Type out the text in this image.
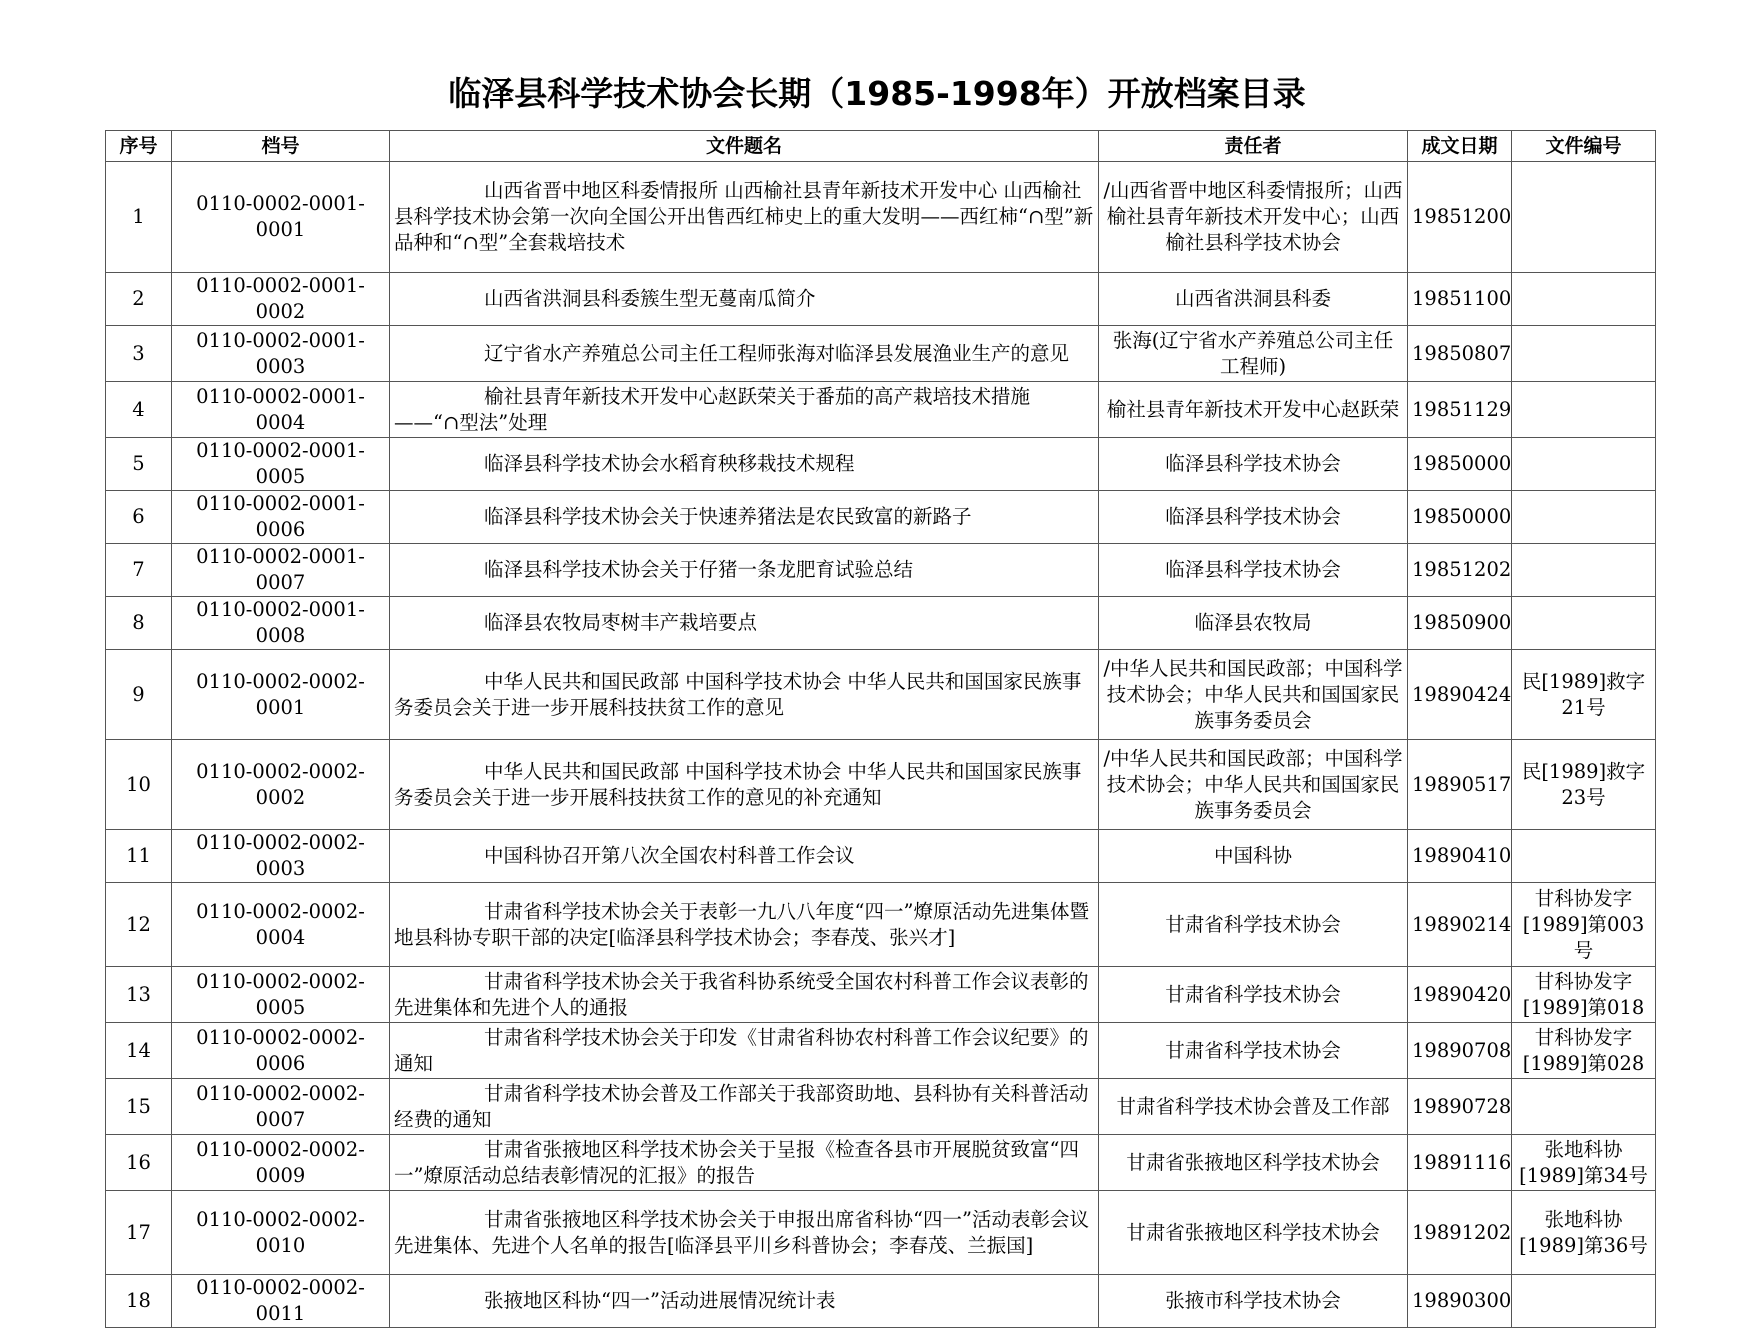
临泽县科学技术协会长期（1985-1998年）开放档案目录
序号	档号	文件题名	责任者	成文日期	文件编号
1	0110-0002-0001-0001	山西省晋中地区科委情报所 山西榆社县青年新技术开发中心 山西榆社县科学技术协会第一次向全国公开出售西红柿史上的重大发明——西红柿“∩型”新品种和“∩型”全套栽培技术	/山西省晋中地区科委情报所；山西榆社县青年新技术开发中心；山西榆社县科学技术协会	19851200	
2	0110-0002-0001-0002	山西省洪洞县科委簇生型无蔓南瓜简介	山西省洪洞县科委	19851100	
3	0110-0002-0001-0003	辽宁省水产养殖总公司主任工程师张海对临泽县发展渔业生产的意见	张海(辽宁省水产养殖总公司主任工程师)	19850807	
4	0110-0002-0001-0004	榆社县青年新技术开发中心赵跃荣关于番茄的高产栽培技术措施——“∩型法”处理	榆社县青年新技术开发中心赵跃荣	19851129	
5	0110-0002-0001-0005	临泽县科学技术协会水稻育秧移栽技术规程	临泽县科学技术协会	19850000	
6	0110-0002-0001-0006	临泽县科学技术协会关于快速养猪法是农民致富的新路子	临泽县科学技术协会	19850000	
7	0110-0002-0001-0007	临泽县科学技术协会关于仔猪一条龙肥育试验总结	临泽县科学技术协会	19851202	
8	0110-0002-0001-0008	临泽县农牧局枣树丰产栽培要点	临泽县农牧局	19850900	
9	0110-0002-0002-0001	中华人民共和国民政部 中国科学技术协会 中华人民共和国国家民族事务委员会关于进一步开展科技扶贫工作的意见	/中华人民共和国民政部；中国科学技术协会；中华人民共和国国家民族事务委员会	19890424	民[1989]救字21号
10	0110-0002-0002-0002	中华人民共和国民政部 中国科学技术协会 中华人民共和国国家民族事务委员会关于进一步开展科技扶贫工作的意见的补充通知	/中华人民共和国民政部；中国科学技术协会；中华人民共和国国家民族事务委员会	19890517	民[1989]救字23号
11	0110-0002-0002-0003	中国科协召开第八次全国农村科普工作会议	中国科协	19890410	
12	0110-0002-0002-0004	甘肃省科学技术协会关于表彰一九八八年度“四一”燎原活动先进集体暨地县科协专职干部的决定[临泽县科学技术协会；李春茂、张兴才]	甘肃省科学技术协会	19890214	甘科协发字[1989]第003号
13	0110-0002-0002-0005	甘肃省科学技术协会关于我省科协系统受全国农村科普工作会议表彰的先进集体和先进个人的通报	甘肃省科学技术协会	19890420	甘科协发字[1989]第018
14	0110-0002-0002-0006	甘肃省科学技术协会关于印发《甘肃省科协农村科普工作会议纪要》的通知	甘肃省科学技术协会	19890708	甘科协发字[1989]第028
15	0110-0002-0002-0007	甘肃省科学技术协会普及工作部关于我部资助地、县科协有关科普活动经费的通知	甘肃省科学技术协会普及工作部	19890728	
16	0110-0002-0002-0009	甘肃省张掖地区科学技术协会关于呈报《检查各县市开展脱贫致富“四一”燎原活动总结表彰情况的汇报》的报告	甘肃省张掖地区科学技术协会	19891116	张地科协[1989]第34号
17	0110-0002-0002-0010	甘肃省张掖地区科学技术协会关于申报出席省科协“四一”活动表彰会议先进集体、先进个人名单的报告[临泽县平川乡科普协会；李春茂、兰振国]	甘肃省张掖地区科学技术协会	19891202	张地科协[1989]第36号
18	0110-0002-0002-0011	张掖地区科协“四一”活动进展情况统计表	张掖市科学技术协会	19890300	
